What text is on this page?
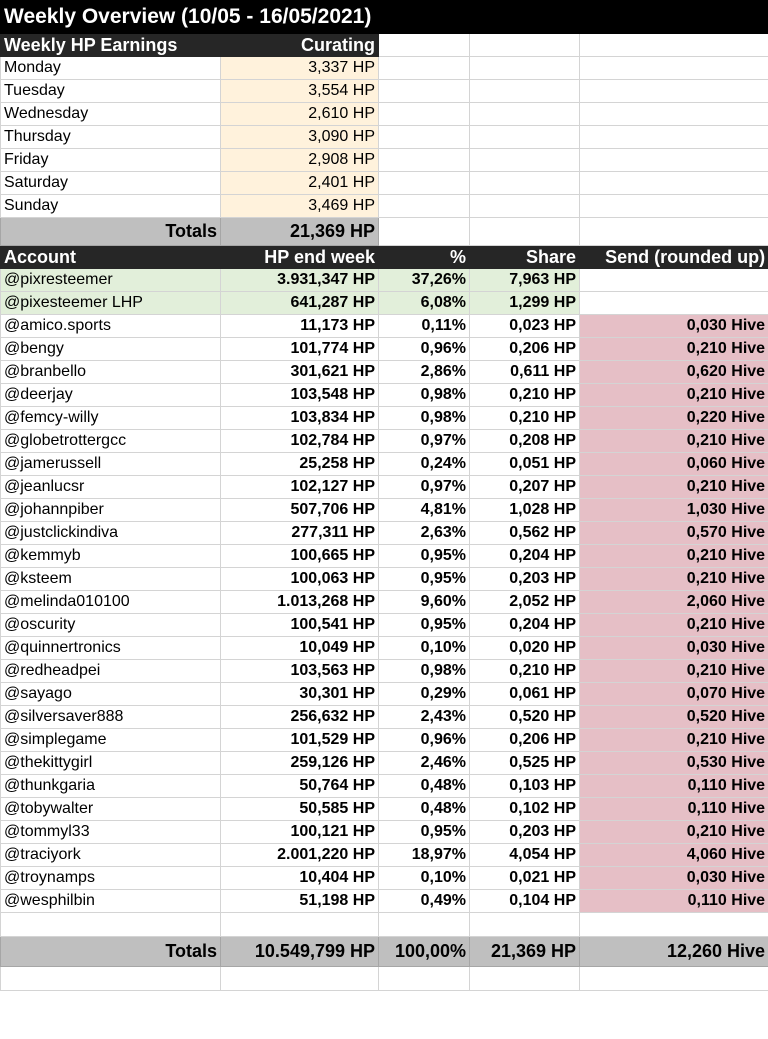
Weekly Overview (10/05 - 16/05/2021)				
Weekly HP Earnings	Curating			
Monday	3,337 HP			
Tuesday	3,554 HP			
Wednesday	2,610 HP			
Thursday	3,090 HP			
Friday	2,908 HP			
Saturday	2,401 HP			
Sunday	3,469 HP			
Totals	21,369 HP			
Account	HP end week	%	Share	Send (rounded up)
@pixresteemer	3.931,347 HP	37,26%	7,963 HP	
@pixesteemer LHP	641,287 HP	6,08%	1,299 HP	
@amico.sports	11,173 HP	0,11%	0,023 HP	0,030 Hive
@bengy	101,774 HP	0,96%	0,206 HP	0,210 Hive
@branbello	301,621 HP	2,86%	0,611 HP	0,620 Hive
@deerjay	103,548 HP	0,98%	0,210 HP	0,210 Hive
@femcy-willy	103,834 HP	0,98%	0,210 HP	0,220 Hive
@globetrottergcc	102,784 HP	0,97%	0,208 HP	0,210 Hive
@jamerussell	25,258 HP	0,24%	0,051 HP	0,060 Hive
@jeanlucsr	102,127 HP	0,97%	0,207 HP	0,210 Hive
@johannpiber	507,706 HP	4,81%	1,028 HP	1,030 Hive
@justclickindiva	277,311 HP	2,63%	0,562 HP	0,570 Hive
@kemmyb	100,665 HP	0,95%	0,204 HP	0,210 Hive
@ksteem	100,063 HP	0,95%	0,203 HP	0,210 Hive
@melinda010100	1.013,268 HP	9,60%	2,052 HP	2,060 Hive
@oscurity	100,541 HP	0,95%	0,204 HP	0,210 Hive
@quinnertronics	10,049 HP	0,10%	0,020 HP	0,030 Hive
@redheadpei	103,563 HP	0,98%	0,210 HP	0,210 Hive
@sayago	30,301 HP	0,29%	0,061 HP	0,070 Hive
@silversaver888	256,632 HP	2,43%	0,520 HP	0,520 Hive
@simplegame	101,529 HP	0,96%	0,206 HP	0,210 Hive
@thekittygirl	259,126 HP	2,46%	0,525 HP	0,530 Hive
@thunkgaria	50,764 HP	0,48%	0,103 HP	0,110 Hive
@tobywalter	50,585 HP	0,48%	0,102 HP	0,110 Hive
@tommyl33	100,121 HP	0,95%	0,203 HP	0,210 Hive
@traciyork	2.001,220 HP	18,97%	4,054 HP	4,060 Hive
@troynamps	10,404 HP	0,10%	0,021 HP	0,030 Hive
@wesphilbin	51,198 HP	0,49%	0,104 HP	0,110 Hive

Totals	10.549,799 HP	100,00%	21,369 HP	12,260 Hive
